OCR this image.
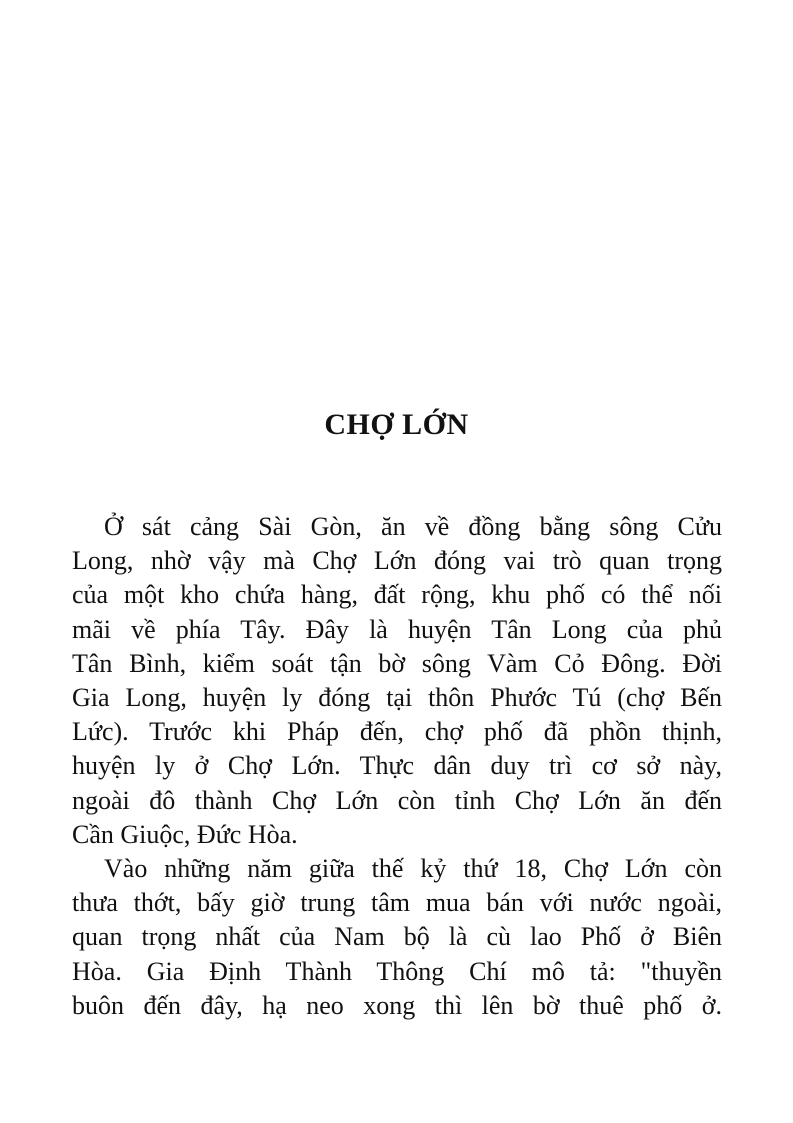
CHỢ LỚN

Ở sát cảng Sài Gòn, ăn về đồng bằng sông Cửu
Long, nhờ vậy mà Chợ Lớn đóng vai trò quan trọng
của một kho chứa hàng, đất rộng, khu phố có thể nối
mãi về phía Tây. Đây là huyện Tân Long của phủ
Tân Bình, kiểm soát tận bờ sông Vàm Cỏ Đông. Đời
Gia Long, huyện ly đóng tại thôn Phước Tú (chợ Bến
Lức). Trước khi Pháp đến, chợ phố đã phồn thịnh,
huyện ly ở Chợ Lớn. Thực dân duy trì cơ sở này,
ngoài đô thành Chợ Lớn còn tỉnh Chợ Lớn ăn đến
Cần Giuộc, Đức Hòa.

Vào những năm giữa thế kỷ thứ 18, Chợ Lớn còn
thưa thớt, bấy giờ trung tâm mua bán với nước ngoài,
quan trọng nhất của Nam bộ là cù lao Phố ở Biên
Hòa. Gia Định Thành Thông Chí mô tả: "thuyền
buôn đến đây, hạ neo xong thì lên bờ thuê phố ở.
